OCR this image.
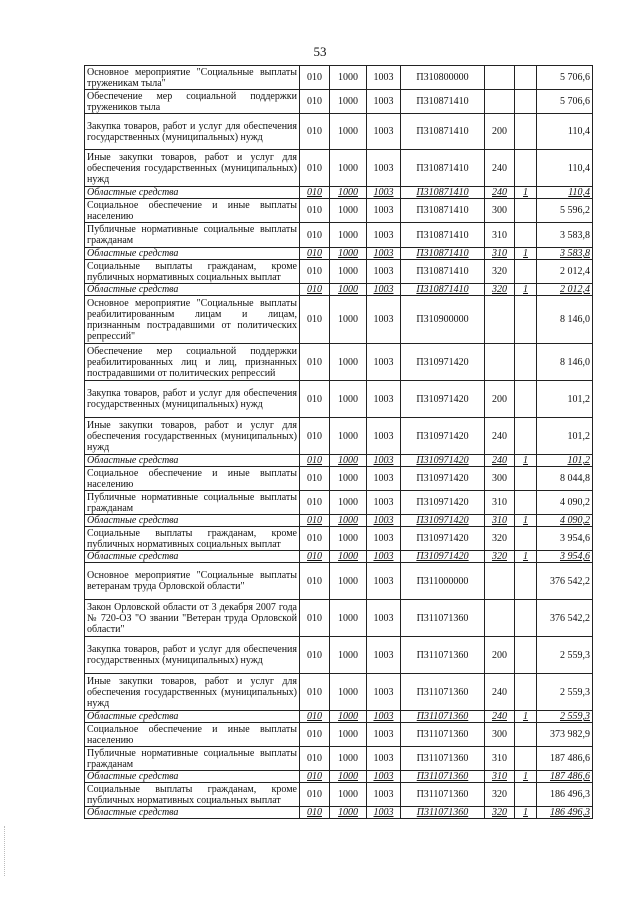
53
Основное мероприятие "Социальные выплаты труженикам тыла"	010	1000	1003	П310800000			5 706,6
Обеспечение мер социальной поддержки тружеников тыла	010	1000	1003	П310871410			5 706,6
Закупка товаров, работ и услуг для обеспечения государственных (муниципальных) нужд	010	1000	1003	П310871410	200		110,4
Иные закупки товаров, работ и услуг для обеспечения государственных (муниципальных) нужд	010	1000	1003	П310871410	240		110,4
Областные средства	010	1000	1003	П310871410	240	1	110,4
Социальное обеспечение и иные выплаты населению	010	1000	1003	П310871410	300		5 596,2
Публичные нормативные социальные выплаты гражданам	010	1000	1003	П310871410	310		3 583,8
Областные средства	010	1000	1003	П310871410	310	1	3 583,8
Социальные выплаты гражданам, кроме публичных нормативных социальных выплат	010	1000	1003	П310871410	320		2 012,4
Областные средства	010	1000	1003	П310871410	320	1	2 012,4
Основное мероприятие "Социальные выплаты реабилитированным лицам и лицам, признанным пострадавшими от политических репрессий"	010	1000	1003	П310900000			8 146,0
Обеспечение мер социальной поддержки реабилитированных лиц и лиц, признанных пострадавшими от политических репрессий	010	1000	1003	П310971420			8 146,0
Закупка товаров, работ и услуг для обеспечения государственных (муниципальных) нужд	010	1000	1003	П310971420	200		101,2
Иные закупки товаров, работ и услуг для обеспечения государственных (муниципальных) нужд	010	1000	1003	П310971420	240		101,2
Областные средства	010	1000	1003	П310971420	240	1	101,2
Социальное обеспечение и иные выплаты населению	010	1000	1003	П310971420	300		8 044,8
Публичные нормативные социальные выплаты гражданам	010	1000	1003	П310971420	310		4 090,2
Областные средства	010	1000	1003	П310971420	310	1	4 090,2
Социальные выплаты гражданам, кроме публичных нормативных социальных выплат	010	1000	1003	П310971420	320		3 954,6
Областные средства	010	1000	1003	П310971420	320	1	3 954,6
Основное мероприятие "Социальные выплаты ветеранам труда Орловской области"	010	1000	1003	П311000000			376 542,2
Закон Орловской области от 3 декабря 2007 года № 720-ОЗ "О звании "Ветеран труда Орловской области"	010	1000	1003	П311071360			376 542,2
Закупка товаров, работ и услуг для обеспечения государственных (муниципальных) нужд	010	1000	1003	П311071360	200		2 559,3
Иные закупки товаров, работ и услуг для обеспечения государственных (муниципальных) нужд	010	1000	1003	П311071360	240		2 559,3
Областные средства	010	1000	1003	П311071360	240	1	2 559,3
Социальное обеспечение и иные выплаты населению	010	1000	1003	П311071360	300		373 982,9
Публичные нормативные социальные выплаты гражданам	010	1000	1003	П311071360	310		187 486,6
Областные средства	010	1000	1003	П311071360	310	1	187 486,6
Социальные выплаты гражданам, кроме публичных нормативных социальных выплат	010	1000	1003	П311071360	320		186 496,3
Областные средства	010	1000	1003	П311071360	320	1	186 496,3
